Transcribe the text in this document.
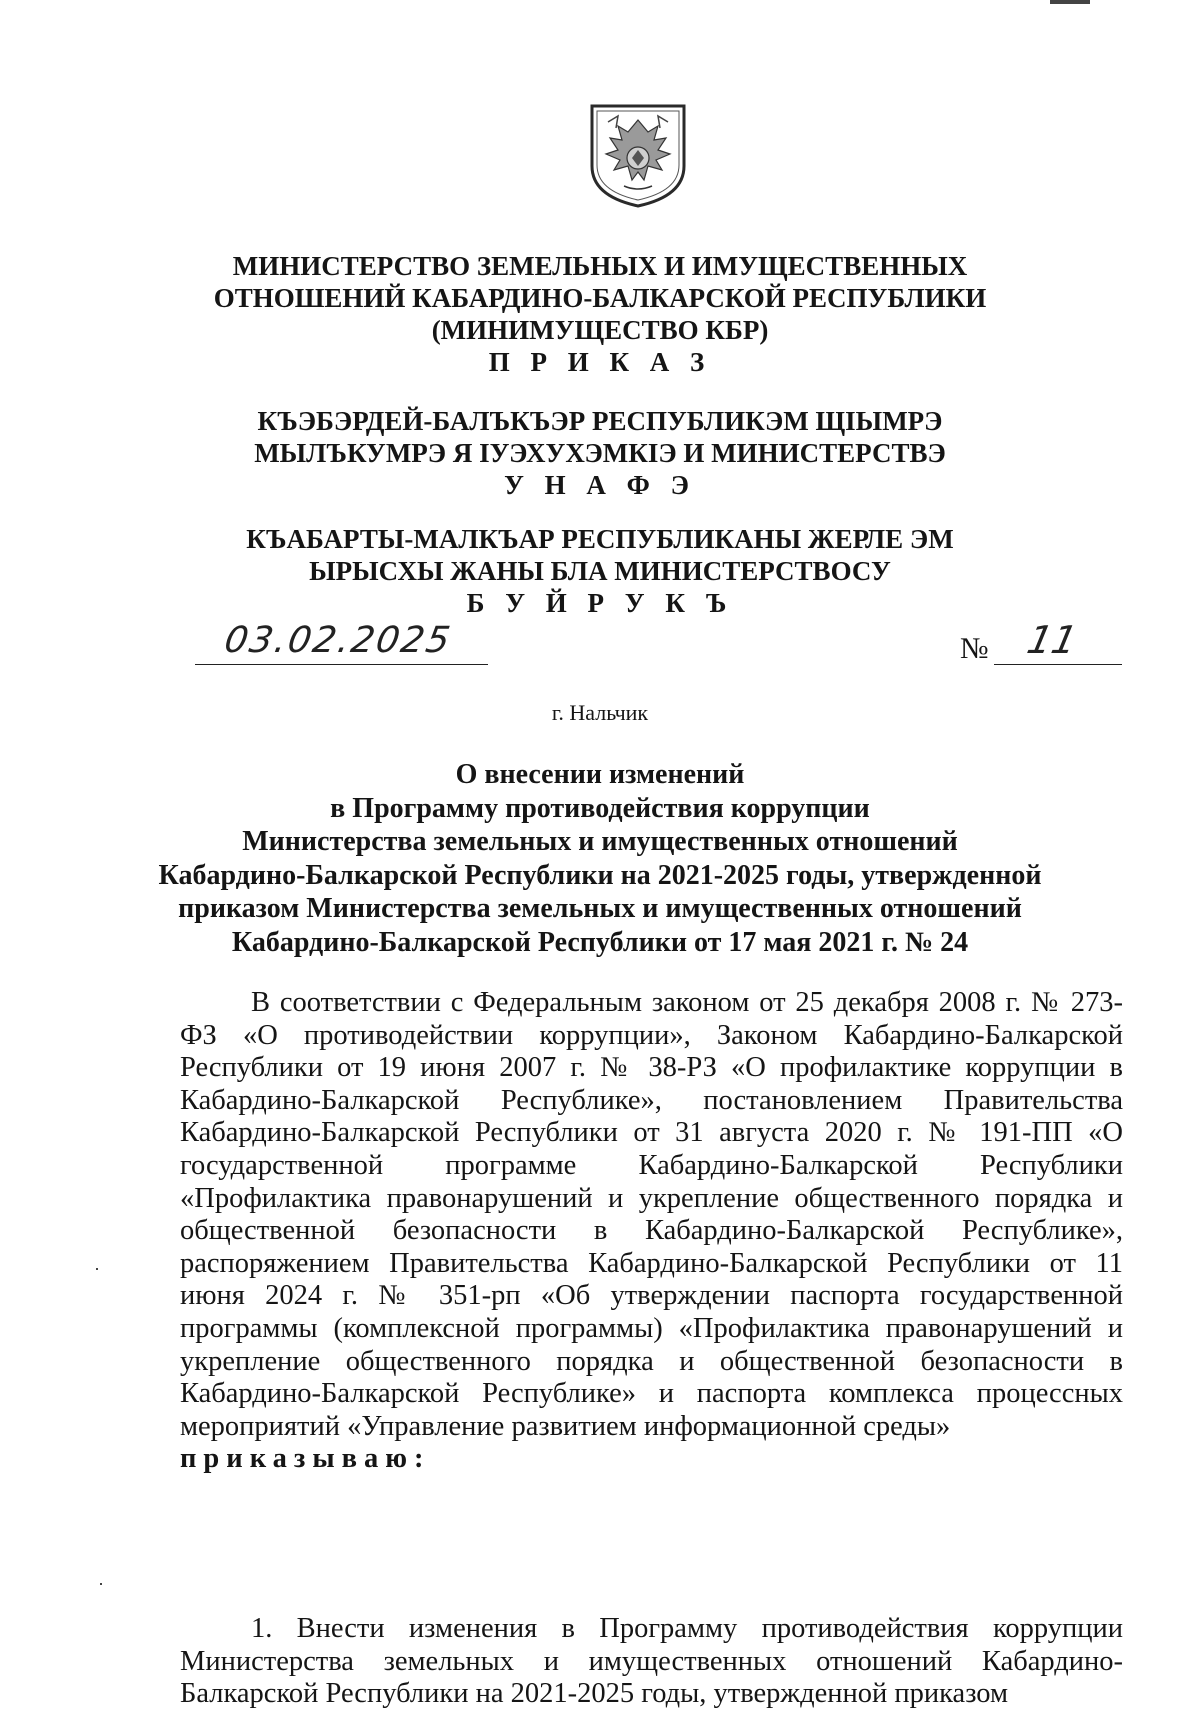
МИНИСТЕРСТВО ЗЕМЕЛЬНЫХ И ИМУЩЕСТВЕННЫХ

ОТНОШЕНИЙ КАБАРДИНО-БАЛКАРСКОЙ РЕСПУБЛИКИ

(МИНИМУЩЕСТВО КБР)

П Р И К А З

КЪЭБЭРДЕЙ-БАЛЪКЪЭР РЕСПУБЛИКЭМ ЩIЫМРЭ

МЫЛЪКУМРЭ Я IУЭХУХЭМКIЭ И МИНИСТЕРСТВЭ

У Н А Ф Э

КЪАБАРТЫ-МАЛКЪАР РЕСПУБЛИКАНЫ ЖЕРЛЕ ЭМ

ЫРЫСХЫ ЖАНЫ БЛА МИНИСТЕРСТВОСУ

Б У Й Р У К Ъ

03.02.2025	№ 11
г. Нальчик

О внесении изменений

в Программу противодействия коррупции

Министерства земельных и имущественных отношений

Кабардино-Балкарской Республики на 2021-2025 годы, утвержденной

приказом Министерства земельных и имущественных отношений

Кабардино-Балкарской Республики от 17 мая 2021 г. № 24

В соответствии с Федеральным законом от 25 декабря 2008 г. № 273-ФЗ «О противодействии коррупции», Законом Кабардино-Балкарской Республики от 19 июня 2007 г. № 38-РЗ «О профилактике коррупции в Кабардино-Балкарской Республике», постановлением Правительства Кабардино-Балкарской Республики от 31 августа 2020 г. № 191-ПП «О государственной программе Кабардино-Балкарской Республики «Профилактика правонарушений и укрепление общественного порядка и общественной безопасности в Кабардино-Балкарской Республике», распоряжением Правительства Кабардино-Балкарской Республики от 11 июня 2024 г. № 351-рп «Об утверждении паспорта государственной программы (комплексной программы) «Профилактика правонарушений и укрепление общественного порядка и общественной безопасности в Кабардино-Балкарской Республике» и паспорта комплекса процессных мероприятий «Управление развитием информационной среды»

приказываю:

1. Внести изменения в Программу противодействия коррупции Министерства земельных и имущественных отношений Кабардино-Балкарской Республики на 2021-2025 годы, утвержденной приказом
